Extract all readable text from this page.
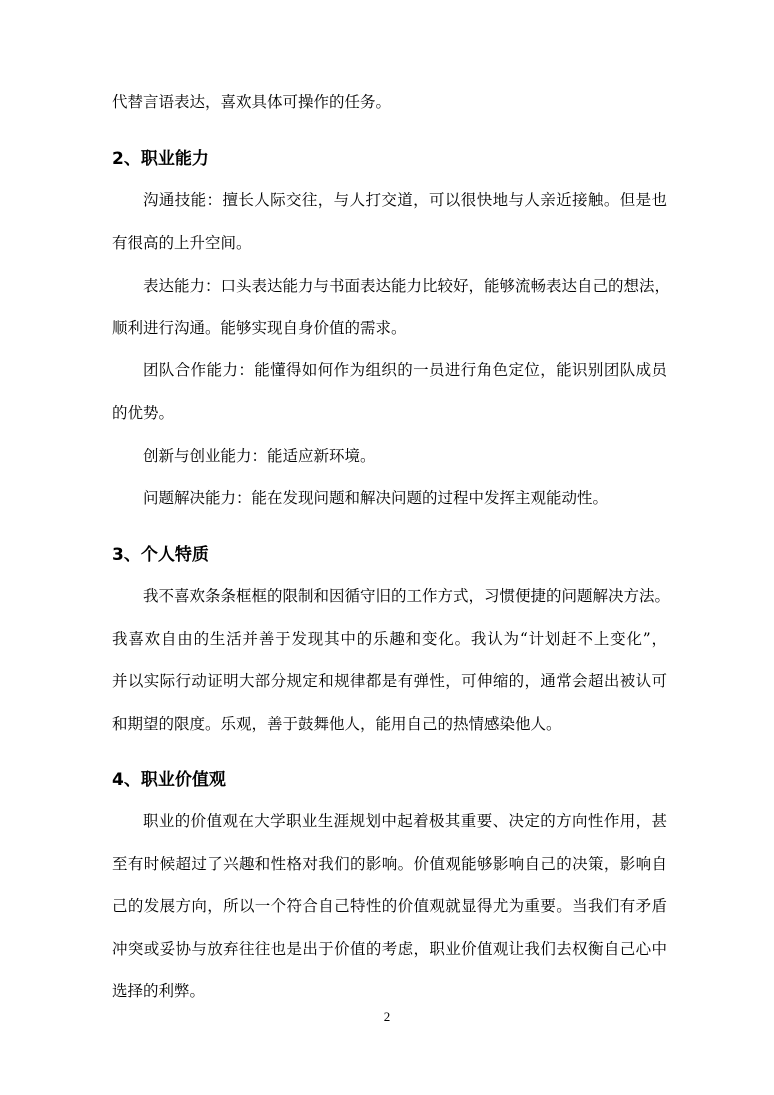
代替言语表达，喜欢具体可操作的任务。
2、职业能力
沟通技能：擅长人际交往，与人打交道，可以很快地与人亲近接触。但是也
有很高的上升空间。
表达能力：口头表达能力与书面表达能力比较好，能够流畅表达自己的想法，
顺利进行沟通。能够实现自身价值的需求。
团队合作能力：能懂得如何作为组织的一员进行角色定位，能识别团队成员
的优势。
创新与创业能力：能适应新环境。
问题解决能力：能在发现问题和解决问题的过程中发挥主观能动性。
3、个人特质
我不喜欢条条框框的限制和因循守旧的工作方式，习惯便捷的问题解决方法。
我喜欢自由的生活并善于发现其中的乐趣和变化。我认为“计划赶不上变化”，
并以实际行动证明大部分规定和规律都是有弹性，可伸缩的，通常会超出被认可
和期望的限度。乐观，善于鼓舞他人，能用自己的热情感染他人。
4、职业价值观
职业的价值观在大学职业生涯规划中起着极其重要、决定的方向性作用，甚
至有时候超过了兴趣和性格对我们的影响。价值观能够影响自己的决策，影响自
己的发展方向，所以一个符合自己特性的价值观就显得尤为重要。当我们有矛盾
冲突或妥协与放弃往往也是出于价值的考虑，职业价值观让我们去权衡自己心中
选择的利弊。
2
